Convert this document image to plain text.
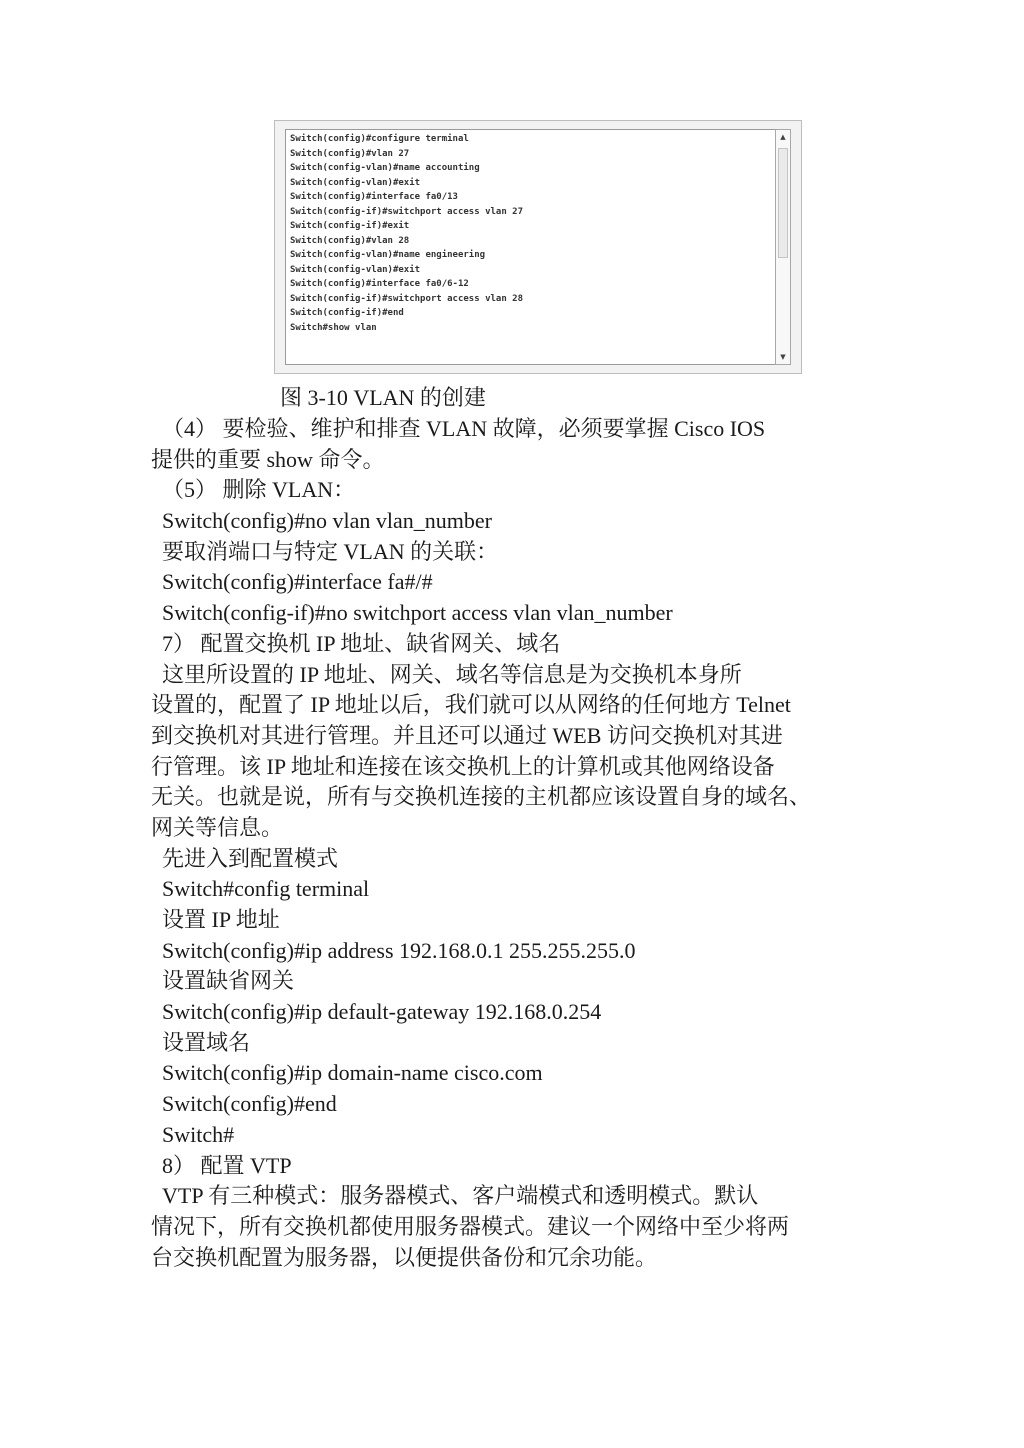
Switch(config)#configure terminal
Switch(config)#vlan 27
Switch(config-vlan)#name accounting
Switch(config-vlan)#exit
Switch(config)#interface fa0/13
Switch(config-if)#switchport access vlan 27
Switch(config-if)#exit
Switch(config)#vlan 28
Switch(config-vlan)#name engineering
Switch(config-vlan)#exit
Switch(config)#interface fa0/6-12
Switch(config-if)#switchport access vlan 28
Switch(config-if)#end
Switch#show vlan
▲
▼
图 3-10 VLAN 的创建
（4） 要检验、维护和排查 VLAN 故障，必须要掌握 Cisco IOS
提供的重要 show 命令。
（5） 删除 VLAN：
Switch(config)#no vlan vlan_number
要取消端口与特定 VLAN 的关联：
Switch(config)#interface fa#/#
Switch(config-if)#no switchport access vlan vlan_number
7） 配置交换机 IP 地址、缺省网关、域名
这里所设置的 IP 地址、网关、域名等信息是为交换机本身所
设置的，配置了 IP 地址以后，我们就可以从网络的任何地方 Telnet
到交换机对其进行管理。并且还可以通过 WEB 访问交换机对其进
行管理。该 IP 地址和连接在该交换机上的计算机或其他网络设备
无关。也就是说，所有与交换机连接的主机都应该设置自身的域名、
网关等信息。
先进入到配置模式
Switch#config terminal
设置 IP 地址
Switch(config)#ip address 192.168.0.1 255.255.255.0
设置缺省网关
Switch(config)#ip default-gateway 192.168.0.254
设置域名
Switch(config)#ip domain-name cisco.com
Switch(config)#end
Switch#
8） 配置 VTP
VTP 有三种模式：服务器模式、客户端模式和透明模式。默认
情况下，所有交换机都使用服务器模式。建议一个网络中至少将两
台交换机配置为服务器，以便提供备份和冗余功能。
